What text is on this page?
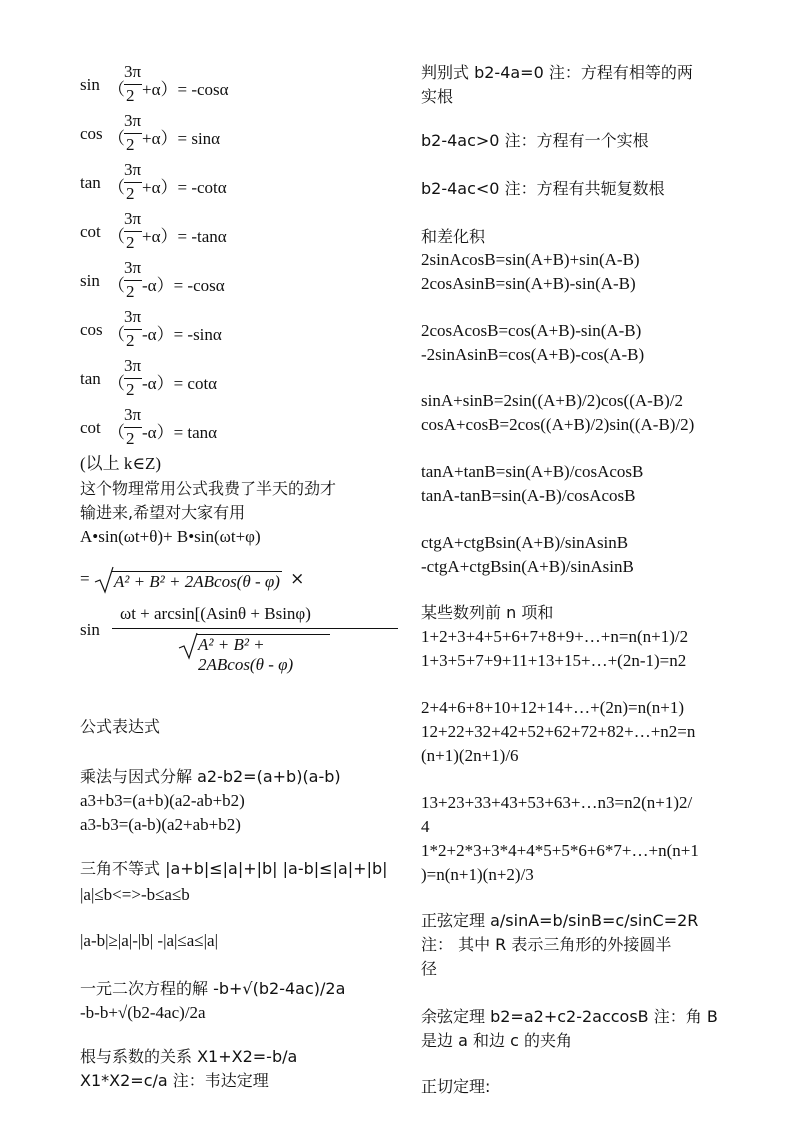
sin （
3π
2 +α）= -cosα
cos （
3π
2 +α）= sinα
tan （
3π
2 +α）= -cotα
cot （
3π
2 +α）= -tanα
sin （
3π
2 -α）= -cosα
cos （
3π
2 -α）= -sinα
tan （
3π
2 -α）= cotα
cot （
3π
2 -α）= tanα
(以上 k∈Z)
这个物理常用公式我费了半天的劲才
输进来,希望对大家有用
A•sin(ωt+θ)+ B•sin(ωt+φ)
= A² + B² + 2ABcos(θ - φ) ×
sin
ωt + arcsin[(Asinθ + Bsinφ)
A² + B² + 2ABcos(θ - φ)
公式表达式
乘法与因式分解 a2-b2=(a+b)(a-b)
a3+b3=(a+b)(a2-ab+b2)
a3-b3=(a-b)(a2+ab+b2)
三角不等式 |a+b|≤|a|+|b| |a-b|≤|a|+|b|
|a|≤b<=>-b≤a≤b
|a-b|≥|a|-|b| -|a|≤a≤|a|
一元二次方程的解 -b+√(b2-4ac)/2a
-b-b+√(b2-4ac)/2a
根与系数的关系 X1+X2=-b/a
X1*X2=c/a 注：韦达定理
判别式 b2-4a=0 注：方程有相等的两
实根
b2-4ac>0 注：方程有一个实根
b2-4ac<0 注：方程有共轭复数根
和差化积
2sinAcosB=sin(A+B)+sin(A-B)
2cosAsinB=sin(A+B)-sin(A-B)
2cosAcosB=cos(A+B)-sin(A-B)
-2sinAsinB=cos(A+B)-cos(A-B)
sinA+sinB=2sin((A+B)/2)cos((A-B)/2
cosA+cosB=2cos((A+B)/2)sin((A-B)/2)
tanA+tanB=sin(A+B)/cosAcosB
tanA-tanB=sin(A-B)/cosAcosB
ctgA+ctgBsin(A+B)/sinAsinB
-ctgA+ctgBsin(A+B)/sinAsinB
某些数列前 n 项和
1+2+3+4+5+6+7+8+9+…+n=n(n+1)/2
1+3+5+7+9+11+13+15+…+(2n-1)=n2
2+4+6+8+10+12+14+…+(2n)=n(n+1)
12+22+32+42+52+62+72+82+…+n2=n
(n+1)(2n+1)/6
13+23+33+43+53+63+…n3=n2(n+1)2/
4
1*2+2*3+3*4+4*5+5*6+6*7+…+n(n+1
)=n(n+1)(n+2)/3
正弦定理 a/sinA=b/sinB=c/sinC=2R
注： 其中 R 表示三角形的外接圆半
径
余弦定理 b2=a2+c2-2accosB 注：角 B
是边 a 和边 c 的夹角
正切定理:
